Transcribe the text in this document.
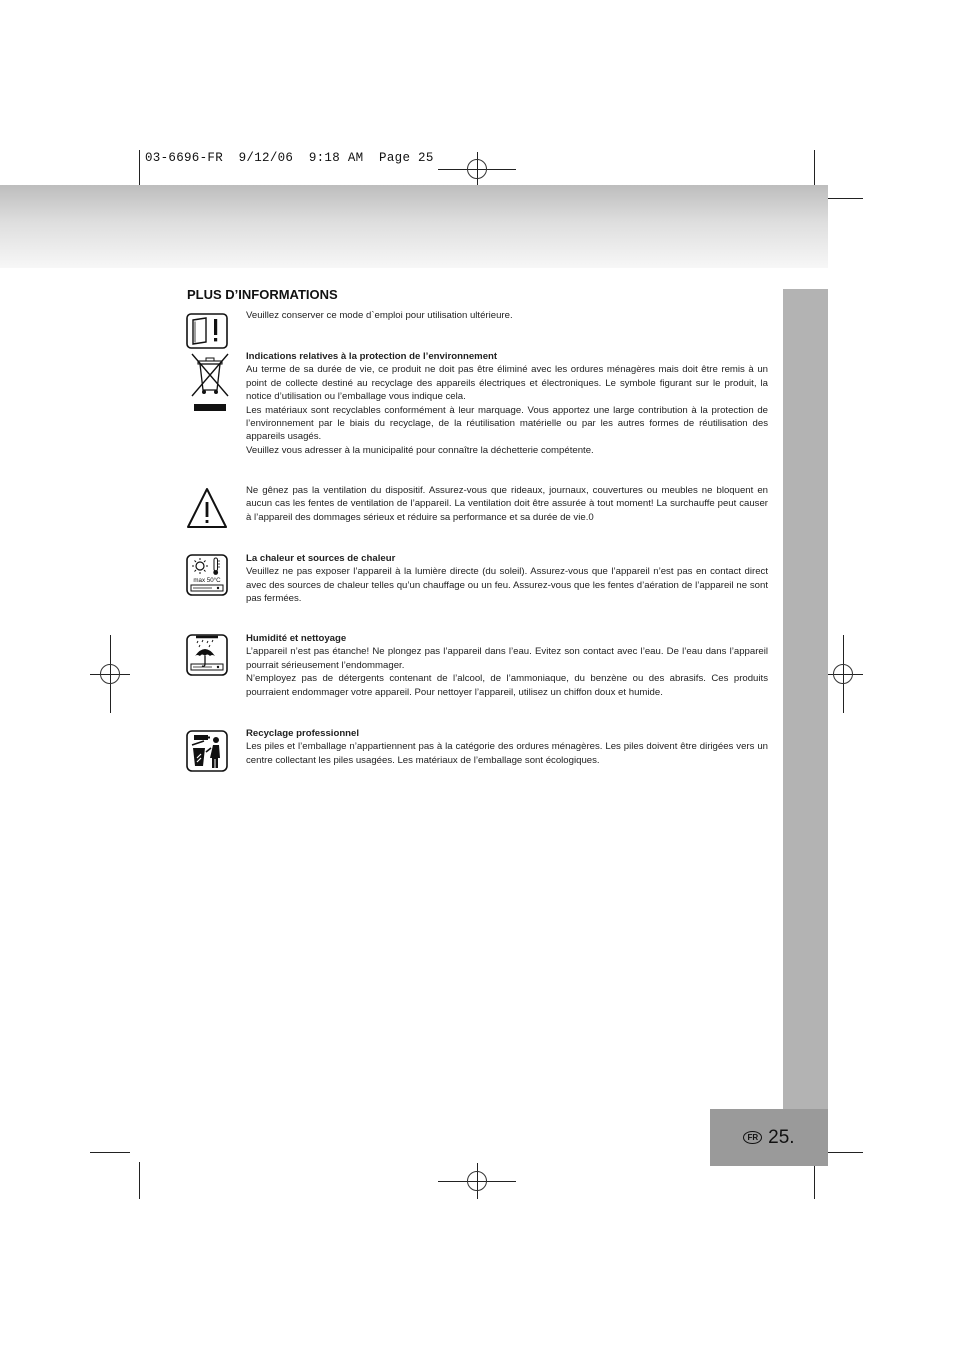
03-6696-FR  9/12/06  9:18 AM  Page 25
FR 25.
PLUS D’INFORMATIONS

Veuillez conserver ce mode d`emploi pour utilisation ultérieure.

Indications relatives à la protection de l’environnement

Au terme de sa durée de vie, ce produit ne doit pas être éliminé avec les ordures ménagères mais doit être remis à un point de collecte destiné au recyclage des appareils électriques et électroniques. Le symbole figurant sur le produit, la notice d’utilisation ou l’emballage vous indique cela.

Les matériaux sont recyclables conformément à leur marquage. Vous apportez une large contribution à la protection de l’environnement par le biais du recyclage, de la réutilisation matérielle ou par les autres formes de réutilisation des appareils usagés.

Veuillez vous adresser à la municipalité pour connaître la déchetterie compétente.

Ne gênez pas la ventilation du dispositif. Assurez-vous que rideaux, journaux, couvertures ou meubles ne bloquent en aucun cas les fentes de ventilation de l’appareil. La ventilation doit être assurée à tout moment! La surchauffe peut causer à l’appareil des dommages sérieux et réduire sa performance et sa durée de vie.0

max 50°C

La chaleur et sources de chaleur

Veuillez ne pas exposer l’appareil à la lumière directe (du soleil). Assurez-vous que l’appareil n’est pas en contact direct avec des sources de chaleur telles qu’un chauffage ou un feu. Assurez-vous que les fentes d’aération de l’appareil ne sont pas fermées.

Humidité et nettoyage

L’appareil n’est pas étanche! Ne plongez pas l’appareil dans l’eau. Evitez son contact avec l’eau. De l’eau dans l’appareil pourrait sérieusement l’endommager.

N’employez pas de détergents contenant de l’alcool, de l’ammoniaque, du benzène ou des abrasifs. Ces produits pourraient endommager votre appareil. Pour nettoyer l’appareil, utilisez un chiffon doux et humide.

Recyclage professionnel

Les piles et l’emballage n’appartiennent pas à la catégorie des ordures ménagères. Les piles doivent être dirigées vers un centre collectant les piles usagées. Les matériaux de l’emballage sont écologiques.
